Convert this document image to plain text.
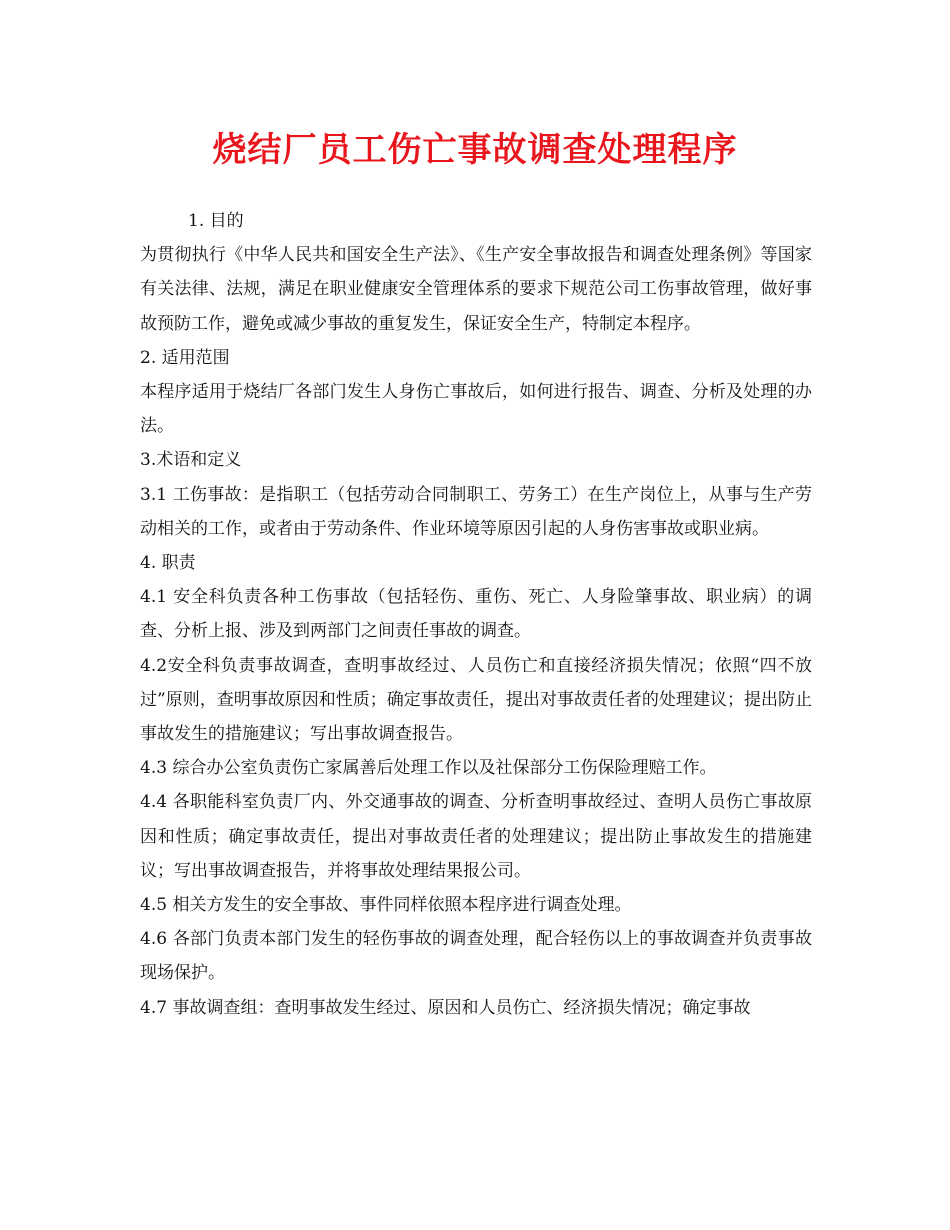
烧结厂员工伤亡事故调查处理程序

1. 目的

为贯彻执行《中华人民共和国安全生产法》、《生产安全事故报告和调查处理条例》等国家有关法律、法规，满足在职业健康安全管理体系的要求下规范公司工伤事故管理，做好事故预防工作，避免或减少事故的重复发生，保证安全生产，特制定本程序。

2. 适用范围

本程序适用于烧结厂各部门发生人身伤亡事故后，如何进行报告、调查、分析及处理的办法。

3.术语和定义

3.1 工伤事故：是指职工（包括劳动合同制职工、劳务工）在生产岗位上，从事与生产劳动相关的工作，或者由于劳动条件、作业环境等原因引起的人身伤害事故或职业病。

4. 职责

4.1 安全科负责各种工伤事故（包括轻伤、重伤、死亡、人身险肇事故、职业病）的调查、分析上报、涉及到两部门之间责任事故的调查。

4.2安全科负责事故调查，查明事故经过、人员伤亡和直接经济损失情况；依照“四不放过”原则，查明事故原因和性质；确定事故责任，提出对事故责任者的处理建议；提出防止事故发生的措施建议；写出事故调查报告。

4.3 综合办公室负责伤亡家属善后处理工作以及社保部分工伤保险理赔工作。

4.4 各职能科室负责厂内、外交通事故的调查、分析查明事故经过、查明人员伤亡事故原因和性质；确定事故责任，提出对事故责任者的处理建议；提出防止事故发生的措施建议；写出事故调查报告，并将事故处理结果报公司。

4.5 相关方发生的安全事故、事件同样依照本程序进行调查处理。

4.6 各部门负责本部门发生的轻伤事故的调查处理，配合轻伤以上的事故调查并负责事故现场保护。

4.7 事故调查组：查明事故发生经过、原因和人员伤亡、经济损失情况；确定事故
